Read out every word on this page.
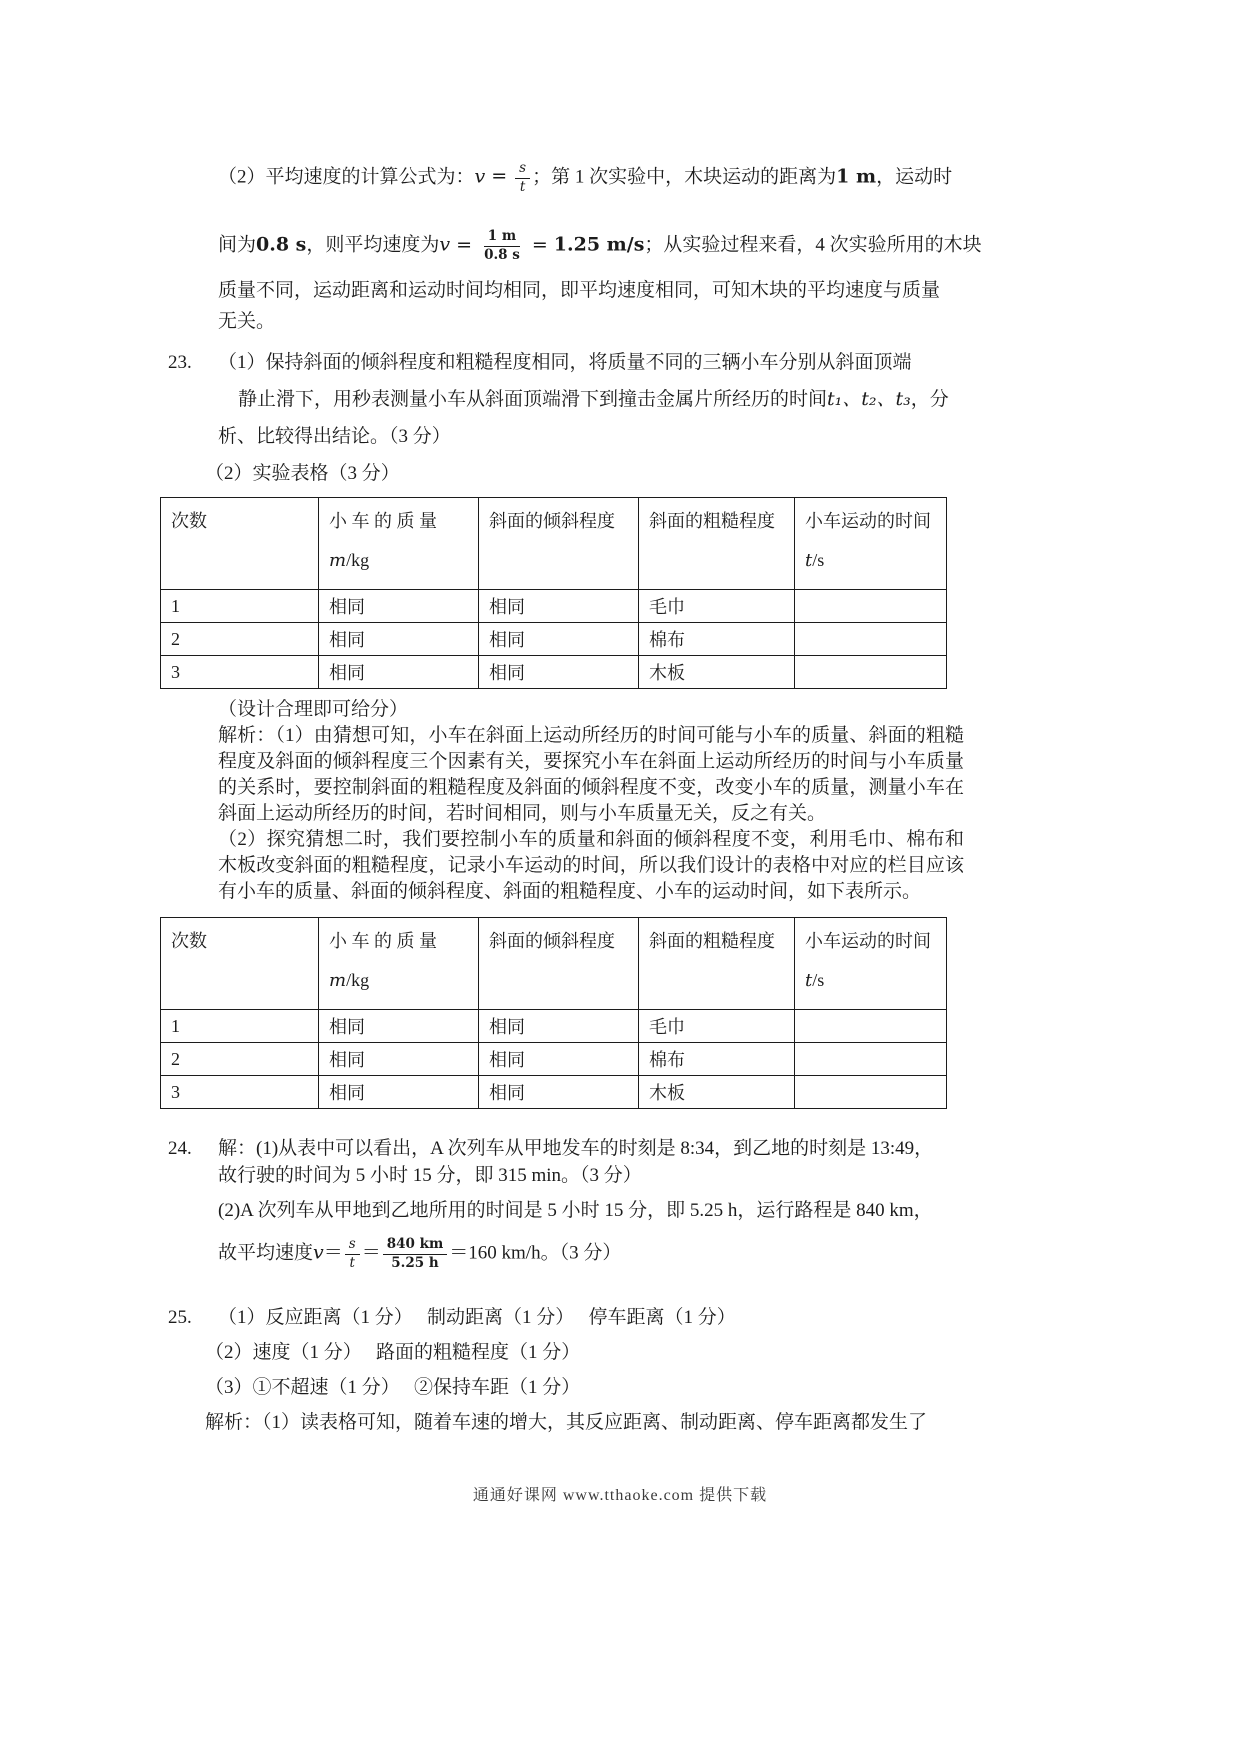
（2）平均速度的计算公式为：$v = \frac{s}{t}$ ；第 1 次实验中，木块运动的距离为1 m，运动时
间为0.8 s，则平均速度为$v = \frac{1 m}{0.8 s} = 1.25$ m/s；从实验过程来看，4 次实验所用的木块
质量不同，运动距离和运动时间均相同，即平均速度相同，可知木块的平均速度与质量
无关。
23.	（1）保持斜面的倾斜程度和粗糙程度相同，将质量不同的三辆小车分别从斜面顶端
静止滑下，用秒表测量小车从斜面顶端滑下到撞击金属片所经历的时间t₁、t₂、t₃，分
析、比较得出结论。（3 分）
（2）实验表格（3 分）
次数	小 车 的 质 量
m/kg
	斜面的倾斜程度	斜面的粗糙程度	小车运动的时间
t/s

1	相同	相同	毛巾	
2	相同	相同	棉布	
3	相同	相同	木板	
（设计合理即可给分）
解析：（1）由猜想可知，小车在斜面上运动所经历的时间可能与小车的质量、斜面的粗糙程度及斜面的倾斜程度三个因素有关，要探究小车在斜面上运动所经历的时间与小车质量的关系时，要控制斜面的粗糙程度及斜面的倾斜程度不变，改变小车的质量，测量小车在斜面上运动所经历的时间，若时间相同，则与小车质量无关，反之有关。
（2）探究猜想二时，我们要控制小车的质量和斜面的倾斜程度不变，利用毛巾、棉布和木板改变斜面的粗糙程度，记录小车运动的时间，所以我们设计的表格中对应的栏目应该有小车的质量、斜面的倾斜程度、斜面的粗糙程度、小车的运动时间，如下表所示。
次数	小 车 的 质 量
m/kg
	斜面的倾斜程度	斜面的粗糙程度	小车运动的时间
t/s

1	相同	相同	毛巾	
2	相同	相同	棉布	
3	相同	相同	木板	
24.	解：(1)从表中可以看出，A 次列车从甲地发车的时刻是 8:34，到乙地的时刻是 13:49，
故行驶的时间为 5 小时 15 分，即 315 min。（3 分）
(2)A 次列车从甲地到乙地所用的时间是 5 小时 15 分，即 5.25 h，运行路程是 840 km，
故平均速度$v= \frac{s}{t} = \frac{840 km}{5.25 h} =160$ km/h。（3 分）
25.	（1）反应距离（1 分）　 制动距离（1 分）　 停车距离（1 分）
（2）速度（1 分）　 路面的粗糙程度（1 分）
（3）①不超速（1 分）　 ②保持车距（1 分）
解析：（1）读表格可知，随着车速的增大，其反应距离、制动距离、停车距离都发生了
通通好课网 www.tthaoke.com 提供下载
